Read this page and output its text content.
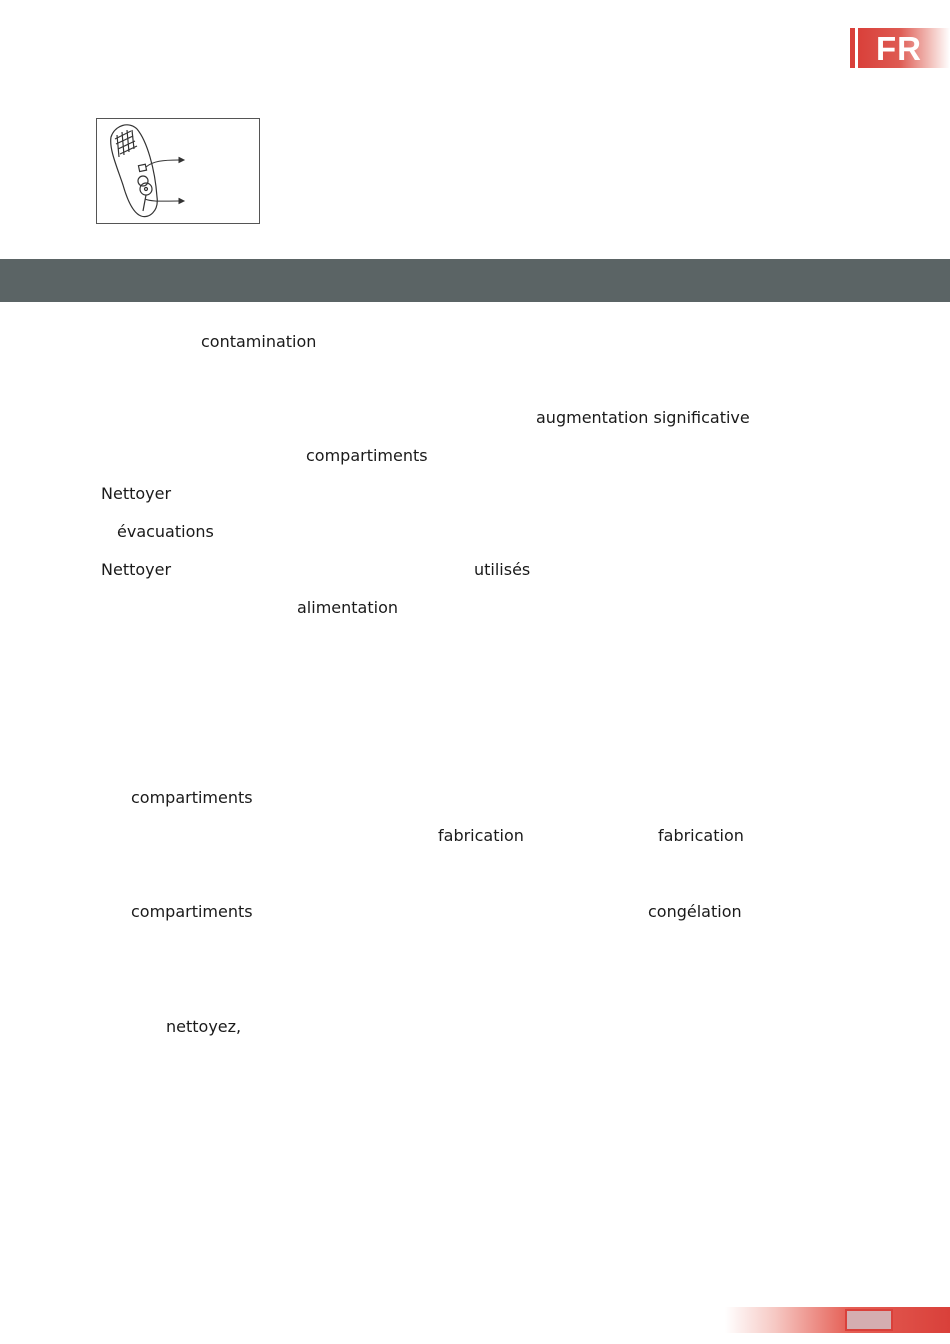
FR
contamination
augmentation significative
compartiments
Nettoyer
évacuations
Nettoyer	utilisés
alimentation
compartiments
fabrication	fabrication
compartiments	congélation
nettoyez,
